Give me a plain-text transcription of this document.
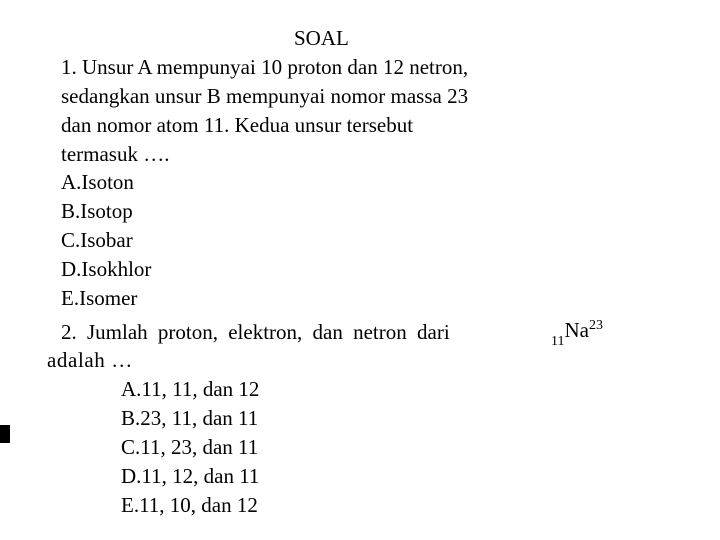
SOAL
1. Unsur A mempunyai 10 proton dan 12 netron,
sedangkan unsur B mempunyai nomor massa 23
dan nomor atom 11. Kedua unsur tersebut
termasuk ….
A.Isoton
B.Isotop
C.Isobar
D.Isokhlor
E.Isomer
2. Jumlah proton, elektron, dan netron dari	$_{11}Na^{23}$
adalah …
A.11, 11, dan 12
B.23, 11, dan 11
C.11, 23, dan 11
D.11, 12, dan 11
E.11, 10, dan 12
